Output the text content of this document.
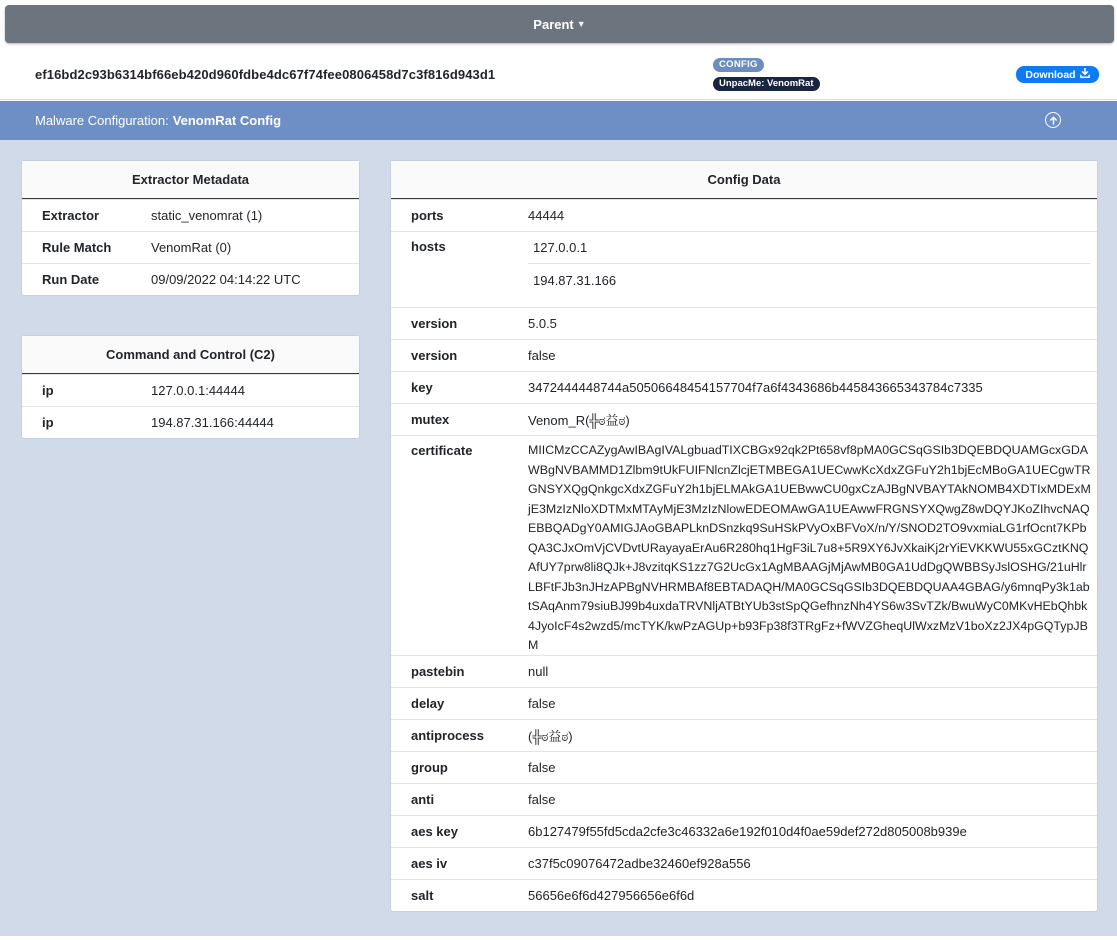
Parent ▼
ef16bd2c93b6314bf66eb420d960fdbe4dc67f74fee0806458d7c3f816d943d1
CONFIG
UnpacMe: VenomRat
Download
Malware Configuration: VenomRat Config
Extractor Metadata
Extractor	static_venomrat (1)
Rule Match	VenomRat (0)
Run Date	09/09/2022 04:14:22 UTC
Command and Control (C2)
ip	127.0.0.1:44444
ip	194.87.31.166:44444
Config Data
ports	44444
hosts	127.0.0.1
194.87.31.166
version	5.0.5
version	false
key	3472444448744a50506648454157704f7a6f4343686b445843665343784c7335
mutex	Venom_R(╬ಠ益ಠ)
certificate	MIICMzCCAZygAwIBAgIVALgbuadTIXCBGx92qk2Pt658vf8pMA0GCSqGSIb3DQEBDQUAMGcxGDAWBgNVBAMMD1Zlbm9tUkFUIFNlcnZlcjETMBEGA1UECwwKcXdxZGFuY2h1bjEcMBoGA1UECgwTRGNSYXQgQnkgcXdxZGFuY2h1bjELMAkGA1UEBwwCU0gxCzAJBgNVBAYTAkNOMB4XDTIxMDExMjE3MzIzNloXDTMxMTAyMjE3MzIzNlowEDEOMAwGA1UEAwwFRGNSYXQwgZ8wDQYJKoZIhvcNAQEBBQADgY0AMIGJAoGBAPLknDSnzkq9SuHSkPVyOxBFVoX/n/Y/SNOD2TO9vxmiaLG1rfOcnt7KPbQA3CJxOmVjCVDvtURayayaErAu6R280hq1HgF3iL7u8+5R9XY6JvXkaiKj2rYiEVKKWU55xGCztKNQAfUY7prw8li8QJk+J8vzitqKS1zz7G2UcGx1AgMBAAGjMjAwMB0GA1UdDgQWBBSyJslOSHG/21uHlrLBFtFJb3nJHzAPBgNVHRMBAf8EBTADAQH/MA0GCSqGSIb3DQEBDQUAA4GBAG/y6mnqPy3k1abtSAqAnm79siuBJ99b4uxdaTRVNljATBtYUb3stSpQGefhnzNh4YS6w3SvTZk/BwuWyC0MKvHEbQhbk4JyoIcF4s2wzd5/mcTYK/kwPzAGUp+b93Fp38f3TRgFz+fWVZGheqUlWxzMzV1boXz2JX4pGQTypJBM
pastebin	null
delay	false
antiprocess	(╬ಠ益ಠ)
group	false
anti	false
aes key	6b127479f55fd5cda2cfe3c46332a6e192f010d4f0ae59def272d805008b939e
aes iv	c37f5c09076472adbe32460ef928a556
salt	56656e6f6d427956656e6f6d
